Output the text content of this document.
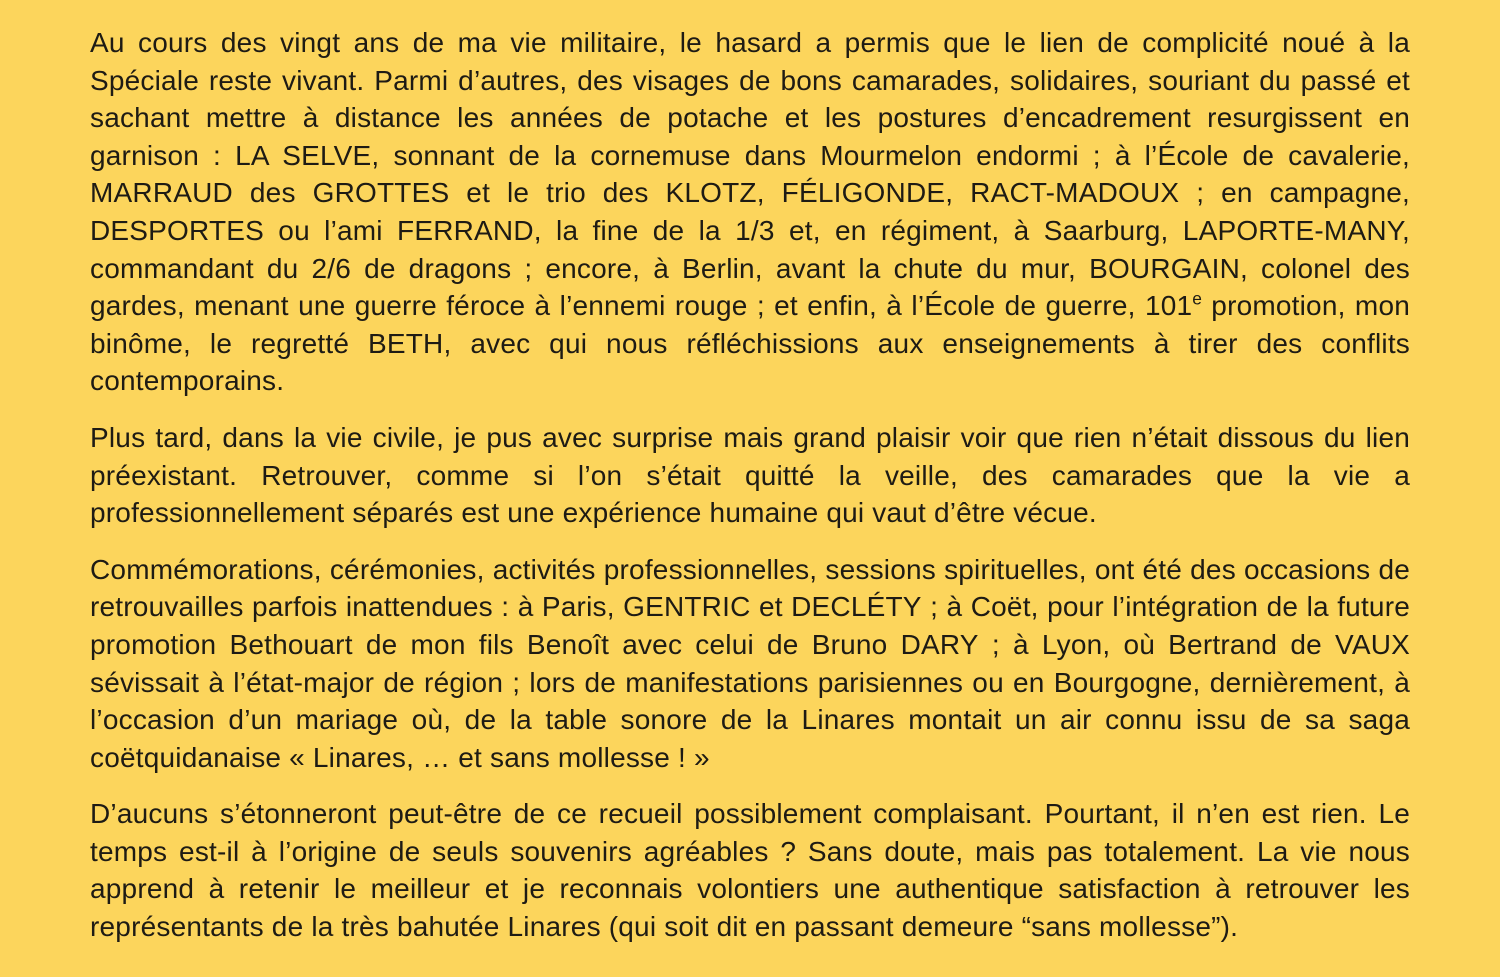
Au cours des vingt ans de ma vie militaire, le hasard a permis que le lien de complicité noué à la Spéciale reste vivant. Parmi d’autres, des visages de bons camarades, solidaires, souriant du passé et sachant mettre à distance les années de potache et les postures d’encadrement resurgissent en garnison : LA SELVE, sonnant de la cornemuse dans Mourmelon endormi ; à l’École de cavalerie, MARRAUD des GROTTES et le trio des KLOTZ, FÉLIGONDE, RACT-MADOUX ; en campagne, DESPORTES ou l’ami FERRAND, la fine de la 1/3 et, en régiment, à Saarburg, LAPORTE-MANY, commandant du 2/6 de dragons ; encore, à Berlin, avant la chute du mur, BOURGAIN, colonel des gardes, menant une guerre féroce à l’ennemi rouge ; et enfin, à l’École de guerre, 101e promotion, mon binôme, le regretté BETH, avec qui nous réfléchissions aux enseignements à tirer des conflits contemporains.

Plus tard, dans la vie civile, je pus avec surprise mais grand plaisir voir que rien n’était dissous du lien préexistant. Retrouver, comme si l’on s’était quitté la veille, des camarades que la vie a professionnellement séparés est une expérience humaine qui vaut d’être vécue.

Commémorations, cérémonies, activités professionnelles, sessions spirituelles, ont été des occasions de retrouvailles parfois inattendues : à Paris, GENTRIC et DECLÉTY ; à Coët, pour l’intégration de la future promotion Bethouart de mon fils Benoît avec celui de Bruno DARY ; à Lyon, où Bertrand de VAUX sévissait à l’état-major de région ; lors de manifestations parisiennes ou en Bourgogne, dernièrement, à l’occasion d’un mariage où, de la table sonore de la Linares montait un air connu issu de sa saga coëtquidanaise « Linares, … et sans mollesse ! »

D’aucuns s’étonneront peut-être de ce recueil possiblement complaisant. Pourtant, il n’en est rien. Le temps est-il à l’origine de seuls souvenirs agréables ? Sans doute, mais pas totalement. La vie nous apprend à retenir le meilleur et je reconnais volontiers une authentique satisfaction à retrouver les représentants de la très bahutée Linares (qui soit dit en passant demeure “sans mollesse”).
